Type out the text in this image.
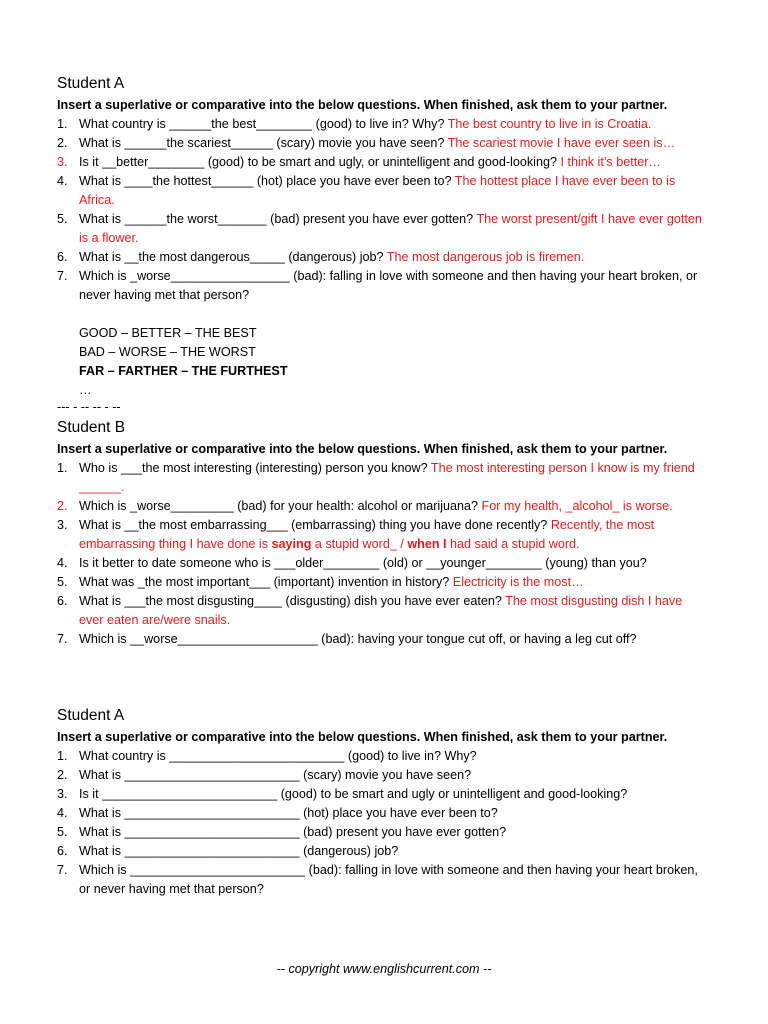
Student A
Insert a superlative or comparative into the below questions. When finished, ask them to your partner.
1. What country is ______the best________ (good) to live in? Why? The best country to live in is Croatia.
2. What is ______the scariest______ (scary) movie you have seen? The scariest movie I have ever seen is…
3. Is it __better________ (good) to be smart and ugly, or unintelligent and good-looking? I think it’s better…
4. What is ____the hottest______ (hot) place you have ever been to? The hottest place I have ever been to is Africa.
5. What is ______the worst_______ (bad) present you have ever gotten? The worst present/gift I have ever gotten is a flower.
6. What is __the most dangerous_____ (dangerous) job? The most dangerous job is firemen.
7. Which is _worse_________________ (bad): falling in love with someone and then having your heart broken, or never having met that person?
GOOD – BETTER – THE BEST
BAD – WORSE – THE WORST
FAR – FARTHER – THE FURTHEST
…
--- - -- -- - --
Student B
Insert a superlative or comparative into the below questions. When finished, ask them to your partner.
1. Who is ___the most interesting (interesting) person you know? The most interesting person I know is my friend ______.
2. Which is _worse_________ (bad) for your health: alcohol or marijuana? For my health, _alcohol_ is worse.
3. What is __the most embarrassing___ (embarrassing) thing you have done recently? Recently, the most embarrassing thing I have done is saying a stupid word_ / when I had said a stupid word.
4. Is it better to date someone who is ___older________ (old) or __younger________ (young) than you?
5. What was _the most important___ (important) invention in history? Electricity is the most…
6. What is ___the most disgusting____ (disgusting) dish you have ever eaten? The most disgusting dish I have ever eaten are/were snails.
7. Which is __worse____________________ (bad): having your tongue cut off, or having a leg cut off?
Student A
Insert a superlative or comparative into the below questions. When finished, ask them to your partner.
1. What country is _________________________ (good) to live in? Why?
2. What is _________________________ (scary) movie you have seen?
3. Is it _________________________ (good) to be smart and ugly or unintelligent and good-looking?
4. What is _________________________ (hot) place you have ever been to?
5. What is _________________________ (bad) present you have ever gotten?
6. What is _________________________ (dangerous) job?
7. Which is _________________________ (bad): falling in love with someone and then having your heart broken, or never having met that person?
-- copyright www.englishcurrent.com --
